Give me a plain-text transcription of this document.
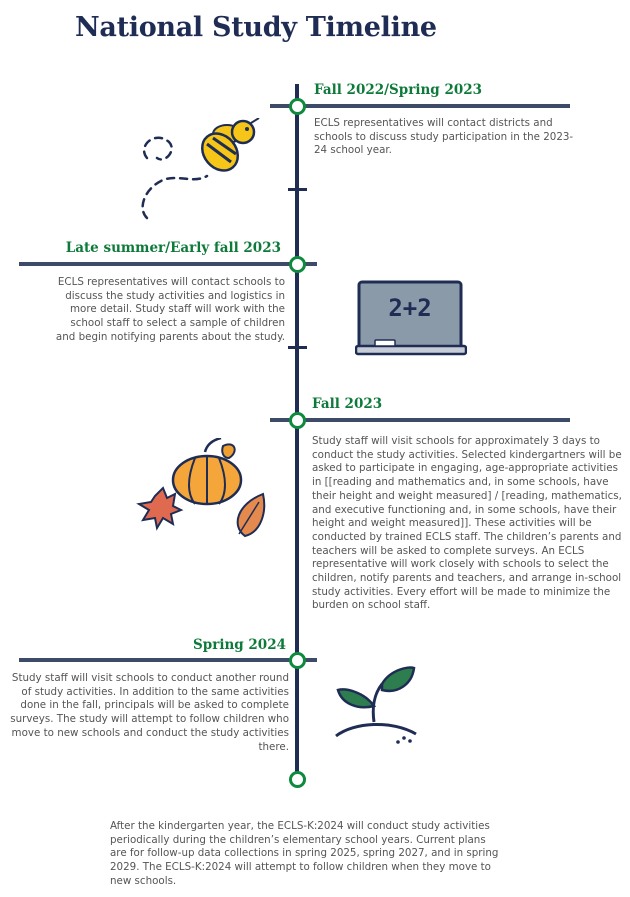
National Study Timeline
Fall 2022/Spring 2023

ECLS representatives will contact districts and schools to discuss study participation in the 2023-24 school year.

Late summer/Early fall 2023

ECLS representatives will contact schools to discuss the study activities and logistics in more detail. Study staff will work with the school staff to select a sample of children and begin notifying parents about the study.

2+2
Fall 2023

Study staff will visit schools for approximately 3 days to conduct the study activities. Selected kindergartners will be asked to participate in engaging, age-appropriate activities in [[reading and mathematics and, in some schools, have their height and weight measured] / [reading, mathematics, and executive functioning and, in some schools, have their height and weight measured]]. These activities will be conducted by trained ECLS staff. The children’s parents and teachers will be asked to complete surveys. An ECLS representative will work closely with schools to select the children, notify parents and teachers, and arrange in-school study activities. Every effort will be made to minimize the burden on school staff.

Spring 2024

Study staff will visit schools to conduct another round of study activities. In addition to the same activities done in the fall, principals will be asked to complete surveys. The study will attempt to follow children who move to new schools and conduct the study activities there.

After the kindergarten year, the ECLS-K:2024 will conduct study activities periodically during the children’s elementary school years. Current plans are for follow-up data collections in spring 2025, spring 2027, and in spring 2029. The ECLS-K:2024 will attempt to follow children when they move to new schools.
